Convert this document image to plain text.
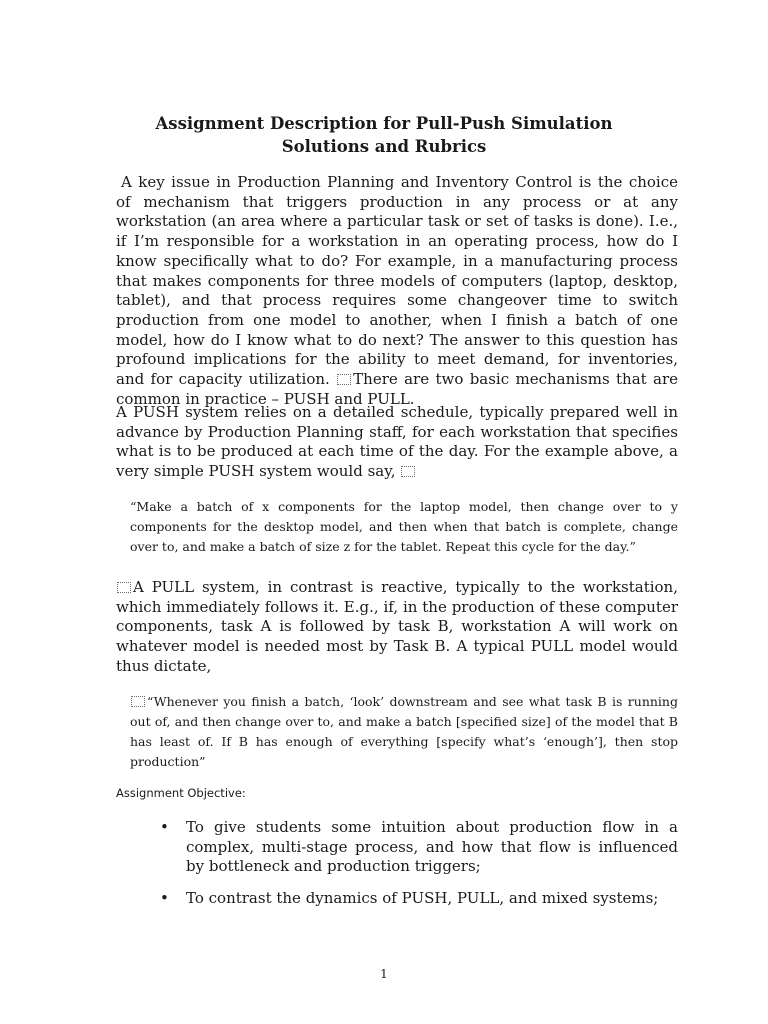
Assignment Description for Pull-Push Simulation
Solutions and Rubrics
A key issue in Production Planning and Inventory Control is the choice of mechanism that triggers production in any process or at any workstation (an area where a particular task or set of tasks is done). I.e., if I’m responsible for a workstation in an operating process, how do I know specifically what to do? For example, in a manufacturing process that makes components for three models of computers (laptop, desktop, tablet), and that process requires some changeover time to switch production from one model to another, when I finish a batch of one model, how do I know what to do next? The answer to this question has profound implications for the ability to meet demand, for inventories, and for capacity utilization. There are two basic mechanisms that are common in practice – PUSH and PULL.
A PUSH system relies on a detailed schedule, typically prepared well in advance by Production Planning staff, for each workstation that specifies what is to be produced at each time of the day. For the example above, a very simple PUSH system would say,
“Make a batch of x components for the laptop model, then change over to y components for the desktop model, and then when that batch is complete, change over to, and make a batch of size z for the tablet. Repeat this cycle for the day.”
A PULL system, in contrast is reactive, typically to the workstation, which immediately follows it. E.g., if, in the production of these computer components, task A is followed by task B, workstation A will work on whatever model is needed most by Task B. A typical PULL model would thus dictate,
“Whenever you finish a batch, ‘look’ downstream and see what task B is running out of, and then change over to, and make a batch [specified size] of the model that B has least of. If B has enough of everything [specify what’s ‘enough’], then stop production”
Assignment Objective:
• To give students some intuition about production flow in a complex, multi-stage process, and how that flow is influenced by bottleneck and production triggers;
• To contrast the dynamics of PUSH, PULL, and mixed systems;
1
